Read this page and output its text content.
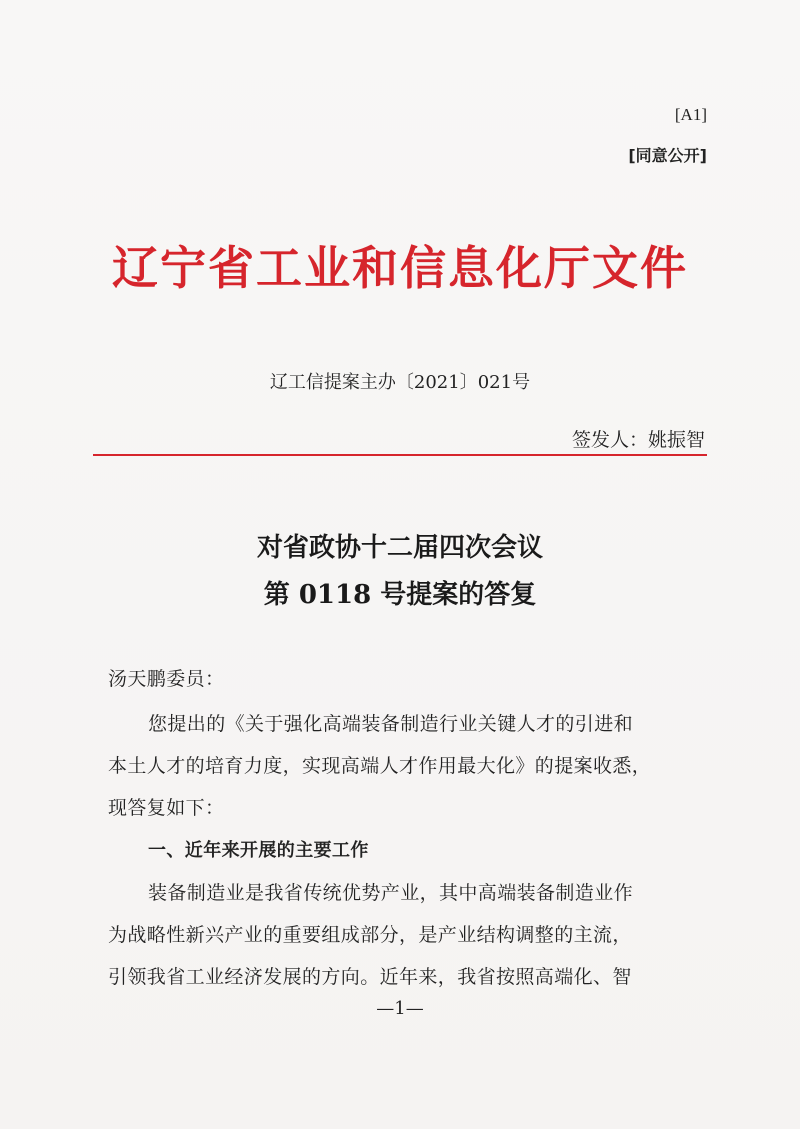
[A1]
[同意公开]
辽宁省工业和信息化厅文件
辽工信提案主办〔2021〕021号
签发人：姚振智
对省政协十二届四次会议
第 0118 号提案的答复
汤天鹏委员：
您提出的《关于强化高端装备制造行业关键人才的引进和
本土人才的培育力度，实现高端人才作用最大化》的提案收悉，
现答复如下：
一、近年来开展的主要工作
装备制造业是我省传统优势产业，其中高端装备制造业作
为战略性新兴产业的重要组成部分，是产业结构调整的主流，
引领我省工业经济发展的方向。近年来，我省按照高端化、智
—1—
